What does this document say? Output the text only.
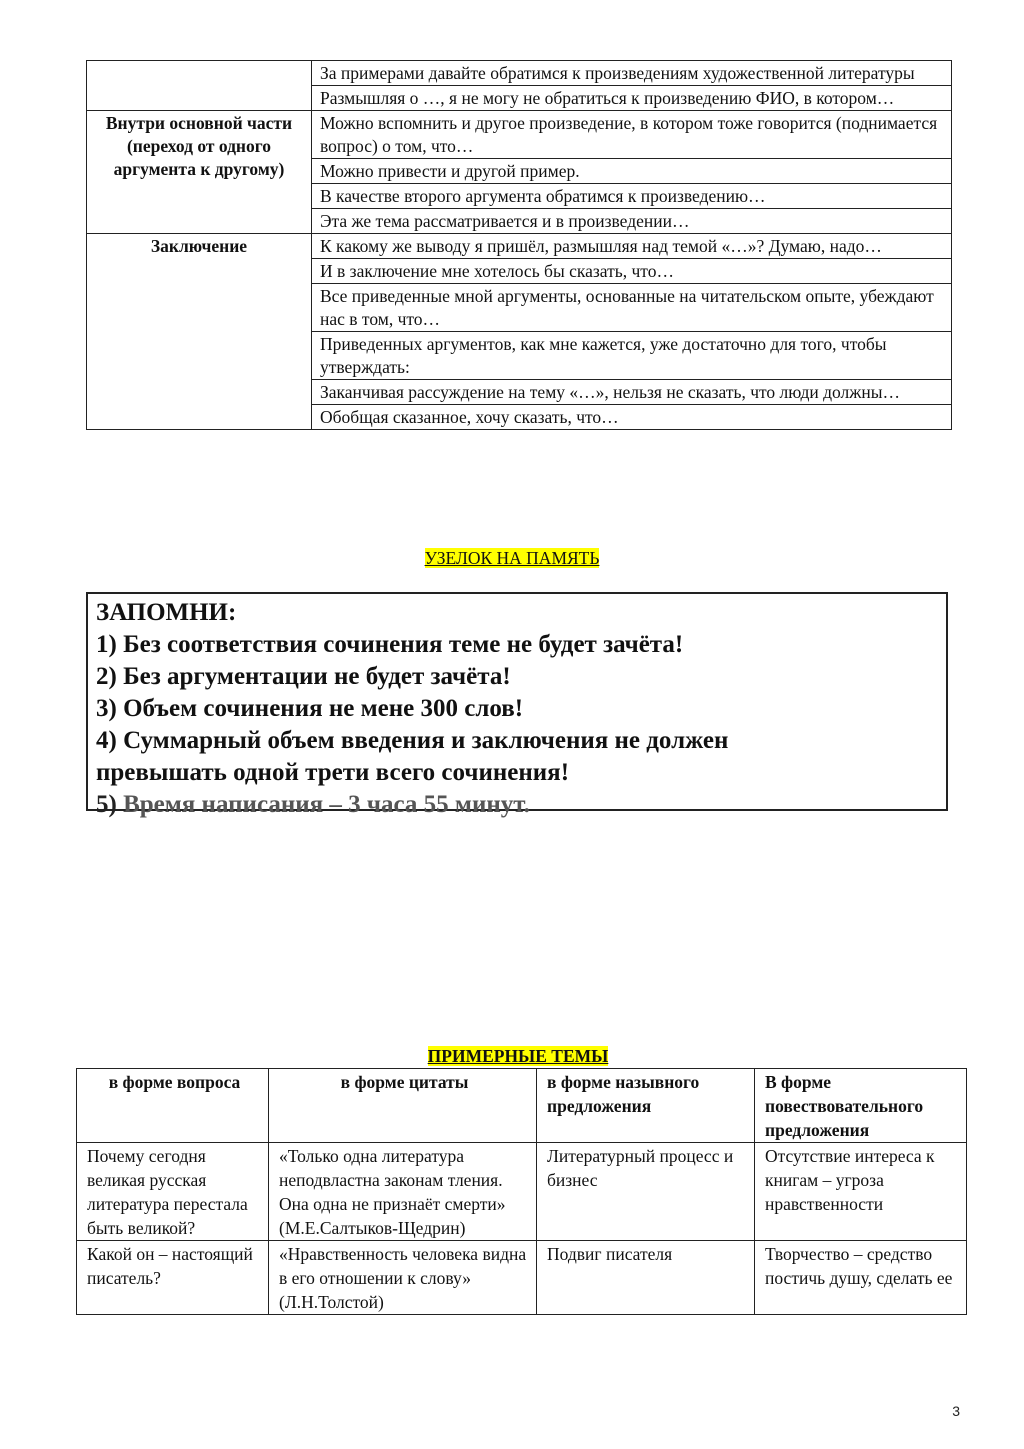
	За примерами давайте обратимся к произведениям художественной литературы
	Размышляя о …, я не могу не обратиться к произведению ФИО, в котором…
Внутри основной части (переход от одного аргумента к другому)	Можно вспомнить и другое произведение, в котором тоже говорится (поднимается вопрос) о том, что…
	Можно привести и другой пример.
	В качестве второго аргумента обратимся к произведению…
	Эта же тема рассматривается и в произведении…
Заключение	К какому же выводу я пришёл, размышляя над темой «…»? Думаю, надо…
	И в заключение мне хотелось бы сказать, что…
	Все приведенные мной аргументы, основанные на читательском опыте, убеждают нас в том, что…
	Приведенных аргументов, как мне кажется, уже достаточно для того, чтобы утверждать:
	Заканчивая рассуждение на тему «…», нельзя не сказать, что люди должны…
	Обобщая сказанное, хочу сказать, что…
УЗЕЛОК НА ПАМЯТЬ
ЗАПОМНИ:
1) Без соответствия сочинения теме не будет зачёта!
2) Без аргументации не будет зачёта!
3) Объем сочинения не мене 300 слов!
4) Суммарный объем введения и заключения не должен
превышать одной трети всего сочинения!
5) Время написания – 3 часа 55 минут.
ПРИМЕРНЫЕ ТЕМЫ
в форме вопроса	в форме цитаты	в форме назывного предложения	В форме повествовательного предложения
Почему сегодня великая русская литература перестала быть великой?	«Только одна литература неподвластна законам тления. Она одна не признаёт смерти» (М.Е.Салтыков-Щедрин)	Литературный процесс и бизнес	Отсутствие интереса к книгам – угроза нравственности
Какой он – настоящий писатель?	«Нравственность человека видна в его отношении к слову» (Л.Н.Толстой)	Подвиг писателя	Творчество – средство постичь душу, сделать ее
3
